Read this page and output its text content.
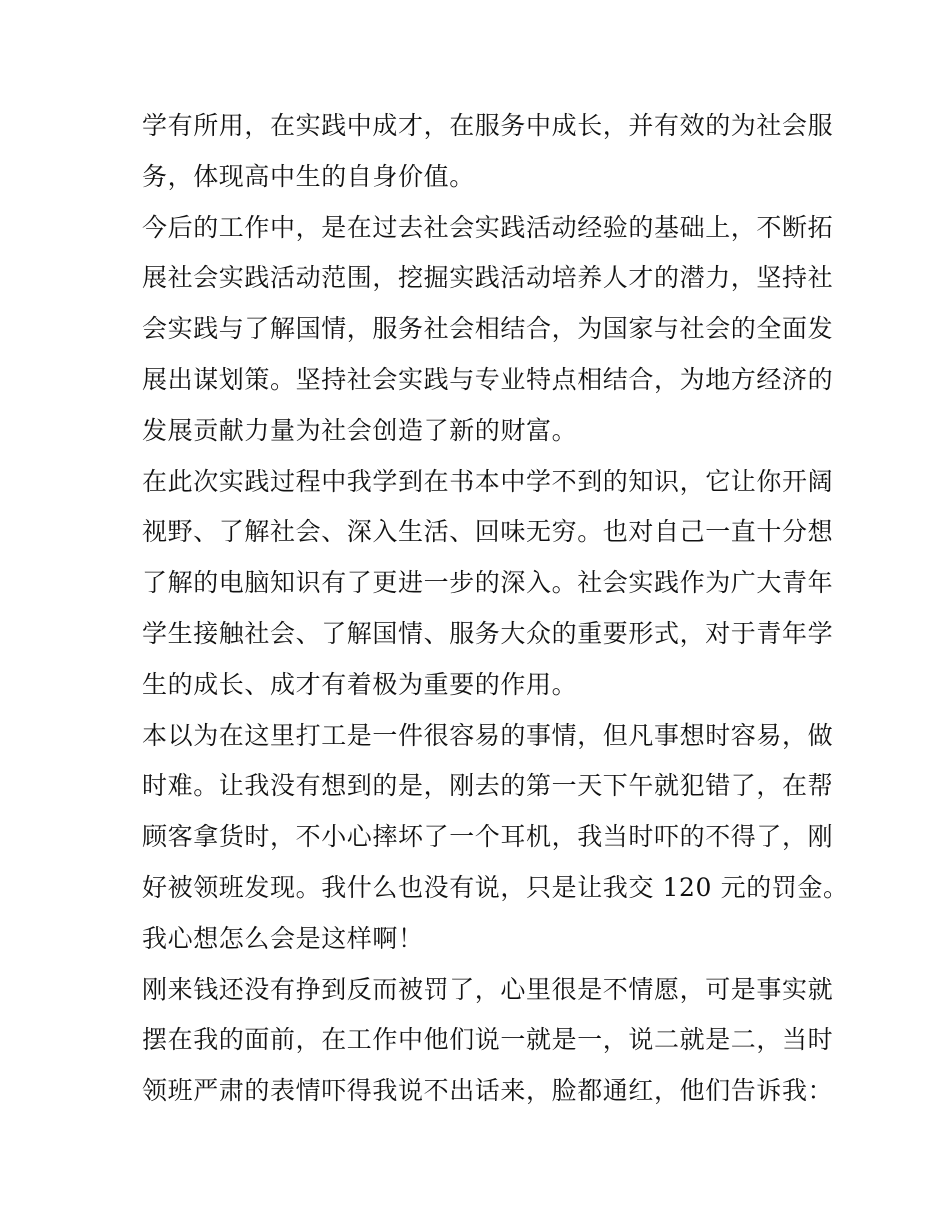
学有所用，在实践中成才，在服务中成长，并有效的为社会服
务，体现高中生的自身价值。
今后的工作中，是在过去社会实践活动经验的基础上，不断拓
展社会实践活动范围，挖掘实践活动培养人才的潜力，坚持社
会实践与了解国情，服务社会相结合，为国家与社会的全面发
展出谋划策。坚持社会实践与专业特点相结合，为地方经济的
发展贡献力量为社会创造了新的财富。
在此次实践过程中我学到在书本中学不到的知识，它让你开阔
视野、了解社会、深入生活、回味无穷。也对自己一直十分想
了解的电脑知识有了更进一步的深入。社会实践作为广大青年
学生接触社会、了解国情、服务大众的重要形式，对于青年学
生的成长、成才有着极为重要的作用。
本以为在这里打工是一件很容易的事情，但凡事想时容易，做
时难。让我没有想到的是，刚去的第一天下午就犯错了，在帮
顾客拿货时，不小心摔坏了一个耳机，我当时吓的不得了，刚
好被领班发现。我什么也没有说，只是让我交 120 元的罚金。
我心想怎么会是这样啊！
刚来钱还没有挣到反而被罚了，心里很是不情愿，可是事实就
摆在我的面前，在工作中他们说一就是一，说二就是二，当时
领班严肃的表情吓得我说不出话来，脸都通红，他们告诉我：
